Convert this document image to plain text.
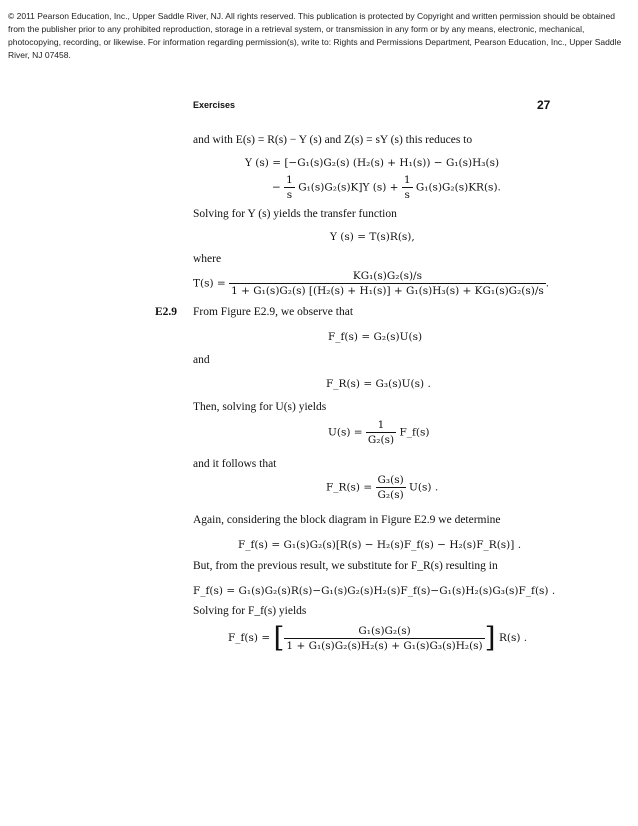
© 2011 Pearson Education, Inc., Upper Saddle River, NJ. All rights reserved. This publication is protected by Copyright and written permission should be obtained from the publisher prior to any prohibited reproduction, storage in a retrieval system, or transmission in any form or by any means, electronic, mechanical, photocopying, recording, or likewise. For information regarding permission(s), write to: Rights and Permissions Department, Pearson Education, Inc., Upper Saddle River, NJ 07458.
Exercises	27
and with E(s) = R(s) − Y (s) and Z(s) = sY (s) this reduces to
Y (s) = [−G₁(s)G₂(s) (H₂(s) + H₁(s)) − G₁(s)H₃(s)
− $\frac{1}{s} G_1(s)G_2(s)K]Y$ $(s) + \frac{1}{s} G_1(s)G_2(s)KR(s)$.
Solving for Y (s) yields the transfer function
Y (s) = T(s)R(s),
where
$T(s) = \frac{\text{KG₁(s)G₂(s)/s}}{\text{1 + G₁(s)G₂(s) [(H₂(s) + H₁(s)] + G₁(s)H₃(s) + KG₁(s)G₂(s)/s}}$ .
E2.9 From Figure E2.9, we observe that
F_f(s) = G₂(s)U(s)
and
F_R(s) = G₃(s)U(s) .
Then, solving for U(s) yields
$U(s) = \frac{1}{\text{G₂(s)}}$ F_f(s)
and it follows that
F_R(s) = $\frac{\text{G₃(s)}}{\text{G₂(s)}} U(s)$ .
Again, considering the block diagram in Figure E2.9 we determine
F_f(s) = G₁(s)G₂(s)[R(s) − H₂(s)F_f(s) − H₂(s)F_R(s)] .
But, from the previous result, we substitute for F_R(s) resulting in
F_f(s) = G₁(s)G₂(s)R(s)−G₁(s)G₂(s)H₂(s)F_f(s)−G₁(s)H₂(s)G₃(s)F_f(s) .
Solving for F_f(s) yields
F_f(s) = [ $\frac{\text{G₁(s)G₂(s)}}{\text{1 + G₁(s)G₂(s)H₂(s) + G₁(s)G₃(s)H₂(s)}}$ ] R(s) .
